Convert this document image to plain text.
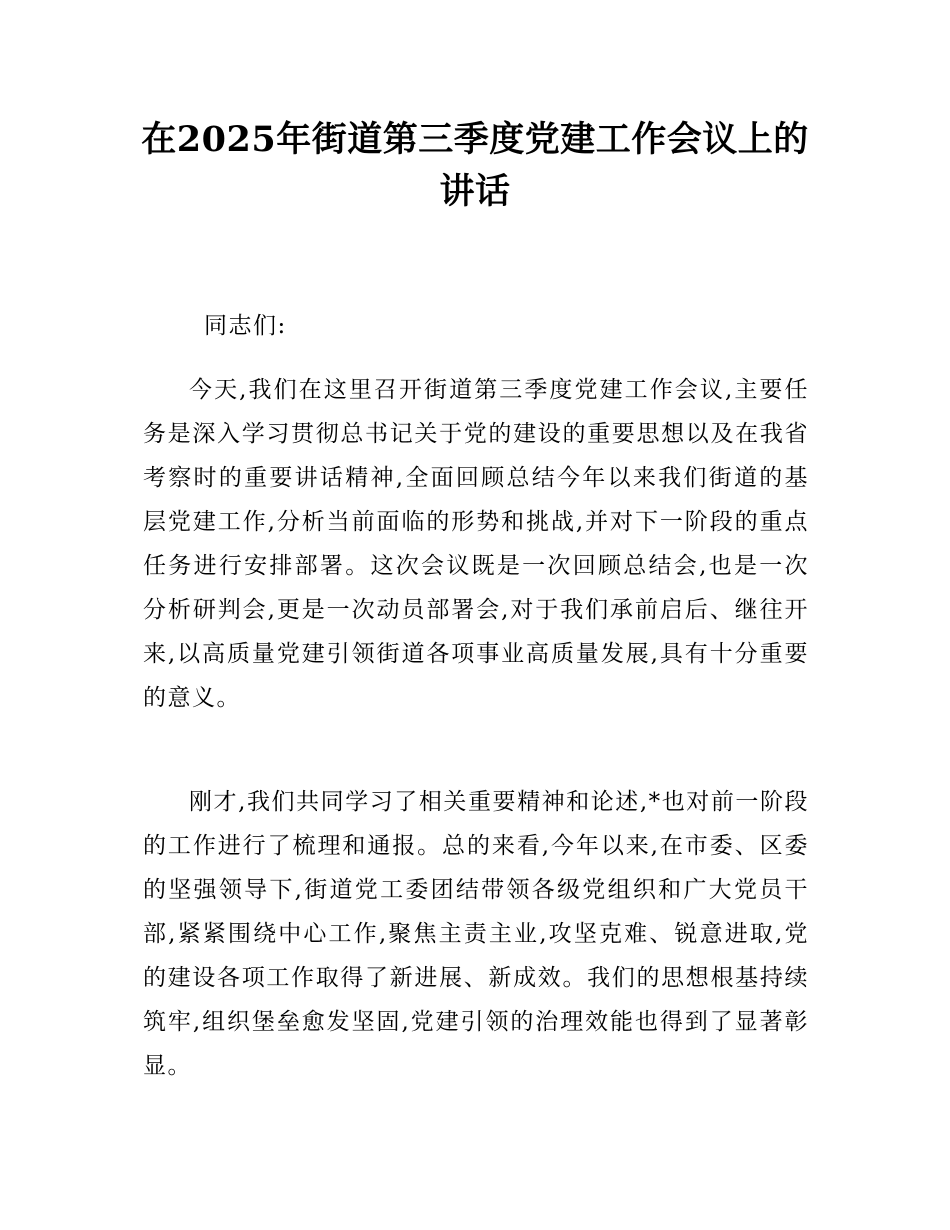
在2025年街道第三季度党建工作会议上的讲话

同志们:

今天,我们在这里召开街道第三季度党建工作会议,主要任务是深入学习贯彻总书记关于党的建设的重要思想以及在我省考察时的重要讲话精神,全面回顾总结今年以来我们街道的基层党建工作,分析当前面临的形势和挑战,并对下一阶段的重点任务进行安排部署。这次会议既是一次回顾总结会,也是一次分析研判会,更是一次动员部署会,对于我们承前启后、继往开来,以高质量党建引领街道各项事业高质量发展,具有十分重要的意义。

刚才,我们共同学习了相关重要精神和论述,*也对前一阶段的工作进行了梳理和通报。总的来看,今年以来,在市委、区委的坚强领导下,街道党工委团结带领各级党组织和广大党员干部,紧紧围绕中心工作,聚焦主责主业,攻坚克难、锐意进取,党的建设各项工作取得了新进展、新成效。我们的思想根基持续筑牢,组织堡垒愈发坚固,党建引领的治理效能也得到了显著彰显。
